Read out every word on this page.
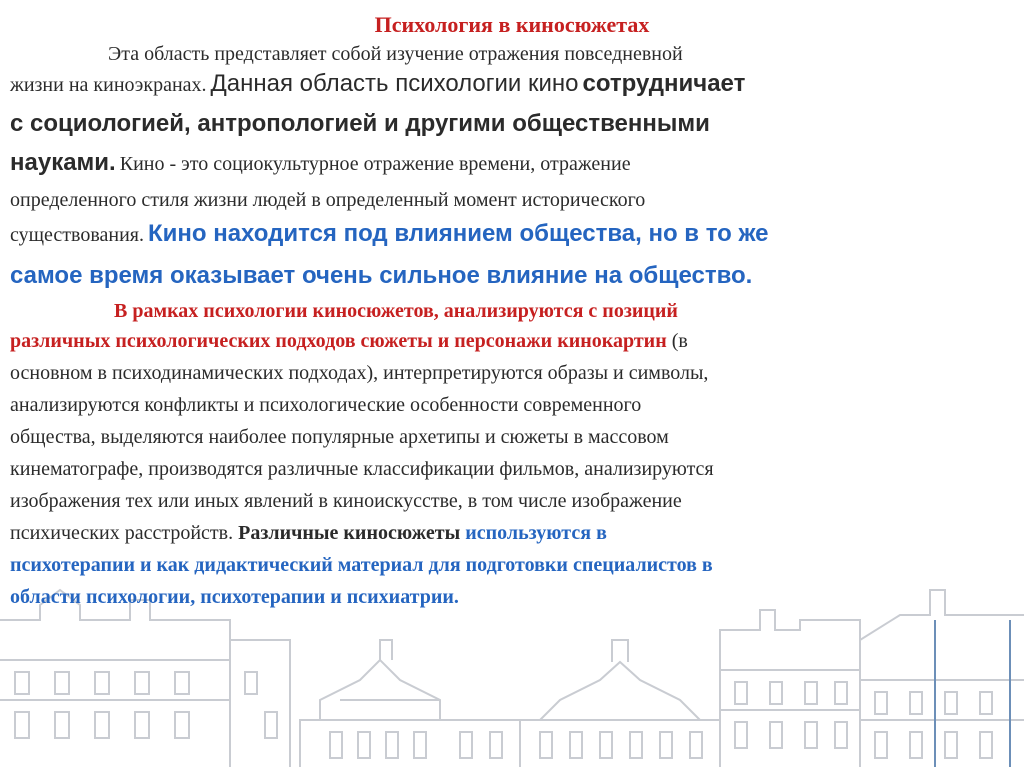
Психология в киносюжетах

Эта область представляет собой изучение отражения повседневной

жизни на киноэкранах. Данная область психологии кино сотрудничает

с социологией, антропологией и другими общественными

науками. Кино - это социокультурное отражение времени, отражение

определенного стиля жизни людей в определенный момент исторического

существования. Кино находится под влиянием общества, но в то же

самое время оказывает очень сильное влияние на общество.

В рамках психологии киносюжетов, анализируются с позиций

различных психологических подходов сюжеты и персонажи кинокартин (в

основном в психодинамических подходах), интерпретируются образы и символы,

анализируются конфликты и психологические особенности современного

общества, выделяются наиболее популярные архетипы и сюжеты в массовом

кинематографе, производятся различные классификации фильмов, анализируются

изображения тех или иных явлений в киноискусстве, в том числе изображение

психических расстройств. Различные киносюжеты используются в

психотерапии и как дидактический материал для подготовки специалистов в

области психологии, психотерапии и психиатрии.
